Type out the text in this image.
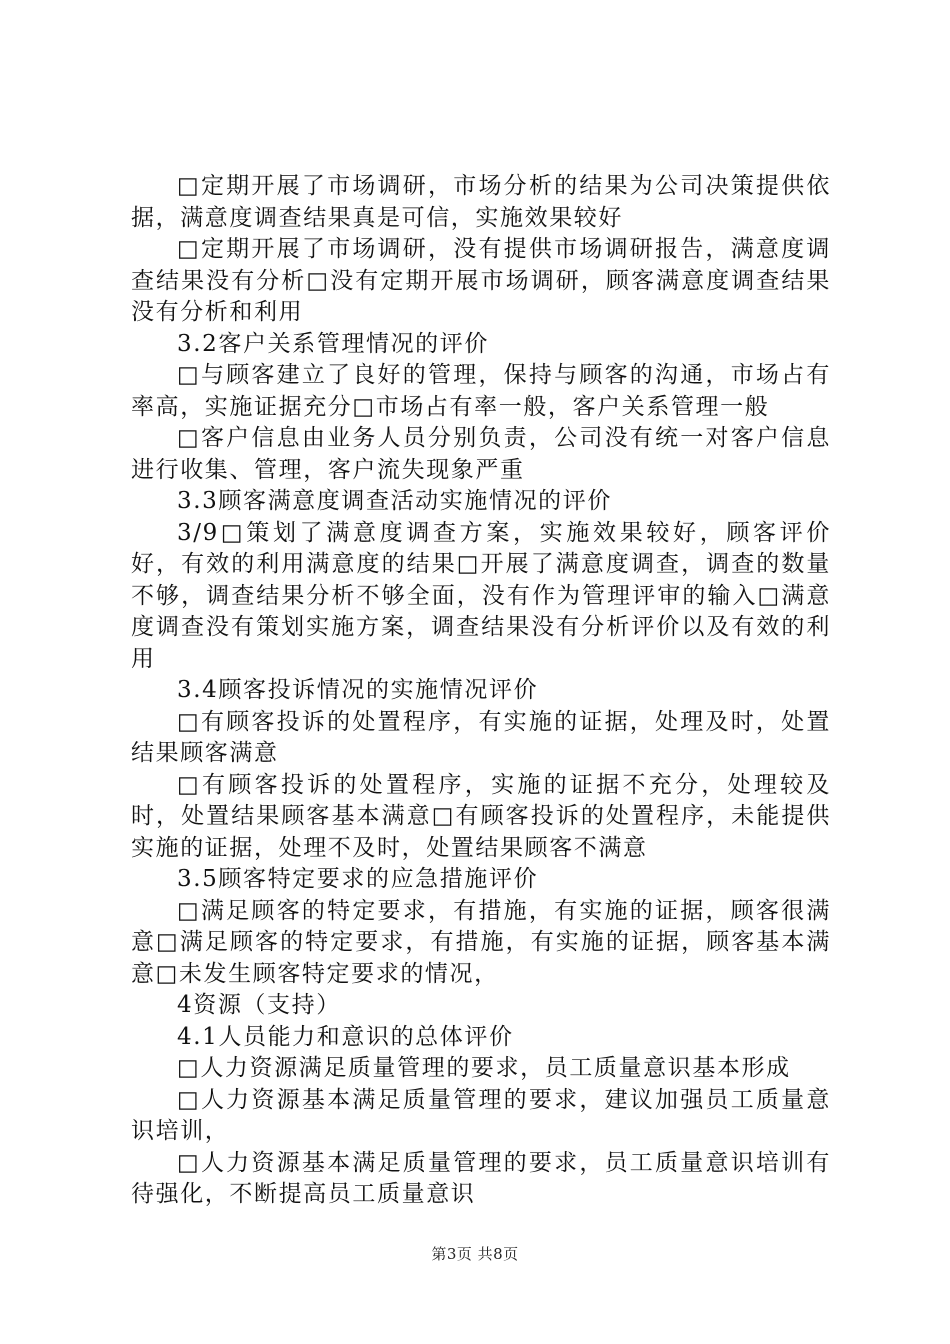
□定期开展了市场调研，市场分析的结果为公司决策提供依据，满意度调查结果真是可信，实施效果较好

□定期开展了市场调研，没有提供市场调研报告，满意度调查结果没有分析□没有定期开展市场调研，顾客满意度调查结果没有分析和利用

3.2客户关系管理情况的评价

□与顾客建立了良好的管理，保持与顾客的沟通，市场占有率高，实施证据充分□市场占有率一般，客户关系管理一般

□客户信息由业务人员分别负责，公司没有统一对客户信息进行收集、管理，客户流失现象严重

3.3顾客满意度调查活动实施情况的评价

3/9□策划了满意度调查方案，实施效果较好，顾客评价好，有效的利用满意度的结果□开展了满意度调查，调查的数量不够，调查结果分析不够全面，没有作为管理评审的输入□满意度调查没有策划实施方案，调查结果没有分析评价以及有效的利用

3.4顾客投诉情况的实施情况评价

□有顾客投诉的处置程序，有实施的证据，处理及时，处置结果顾客满意

□有顾客投诉的处置程序，实施的证据不充分，处理较及时，处置结果顾客基本满意□有顾客投诉的处置程序，未能提供实施的证据，处理不及时，处置结果顾客不满意

3.5顾客特定要求的应急措施评价

□满足顾客的特定要求，有措施，有实施的证据，顾客很满意□满足顾客的特定要求，有措施，有实施的证据，顾客基本满意□未发生顾客特定要求的情况，

4资源（支持）

4.1人员能力和意识的总体评价

□人力资源满足质量管理的要求，员工质量意识基本形成

□人力资源基本满足质量管理的要求，建议加强员工质量意识培训，

□人力资源基本满足质量管理的要求，员工质量意识培训有待强化，不断提高员工质量意识

第3页 共8页
